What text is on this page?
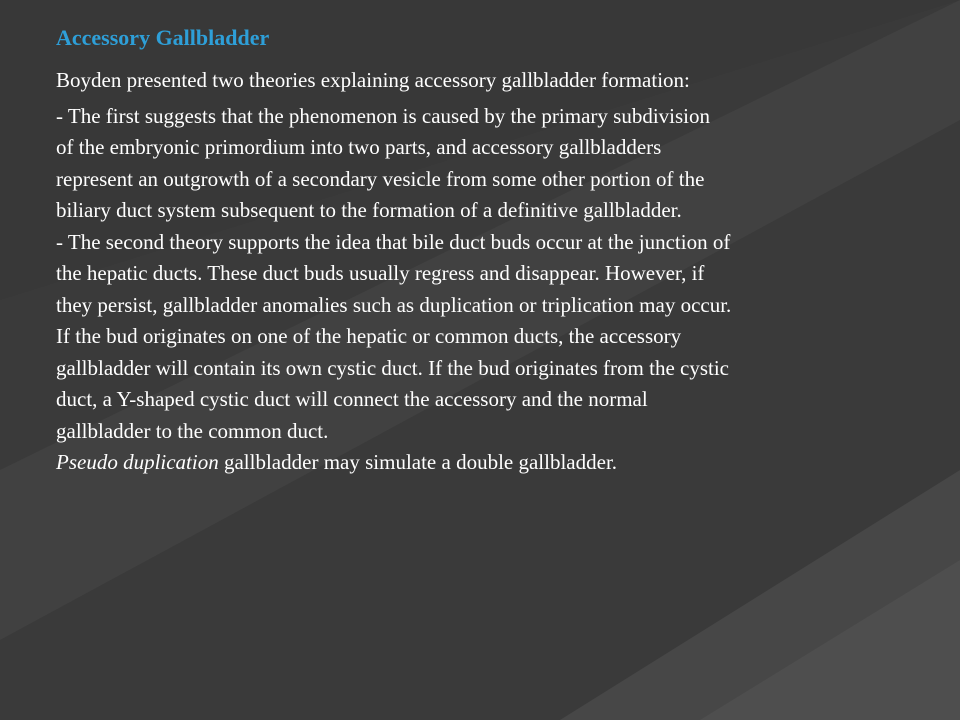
Accessory Gallbladder

Boyden presented two theories explaining accessory gallbladder formation:

- The first suggests that the phenomenon is caused by the primary subdivision

of the embryonic primordium into two parts, and accessory gallbladders

represent an outgrowth of a secondary vesicle from some other portion of the

biliary duct system subsequent to the formation of a definitive gallbladder.

- The second theory supports the idea that bile duct buds occur at the junction of

the hepatic ducts. These duct buds usually regress and disappear. However, if

they persist, gallbladder anomalies such as duplication or triplication may occur.

If the bud originates on one of the hepatic or common ducts, the accessory

gallbladder will contain its own cystic duct. If the bud originates from the cystic

duct, a Y-shaped cystic duct will connect the accessory and the normal

gallbladder to the common duct.

Pseudo duplication gallbladder may simulate a double gallbladder.
